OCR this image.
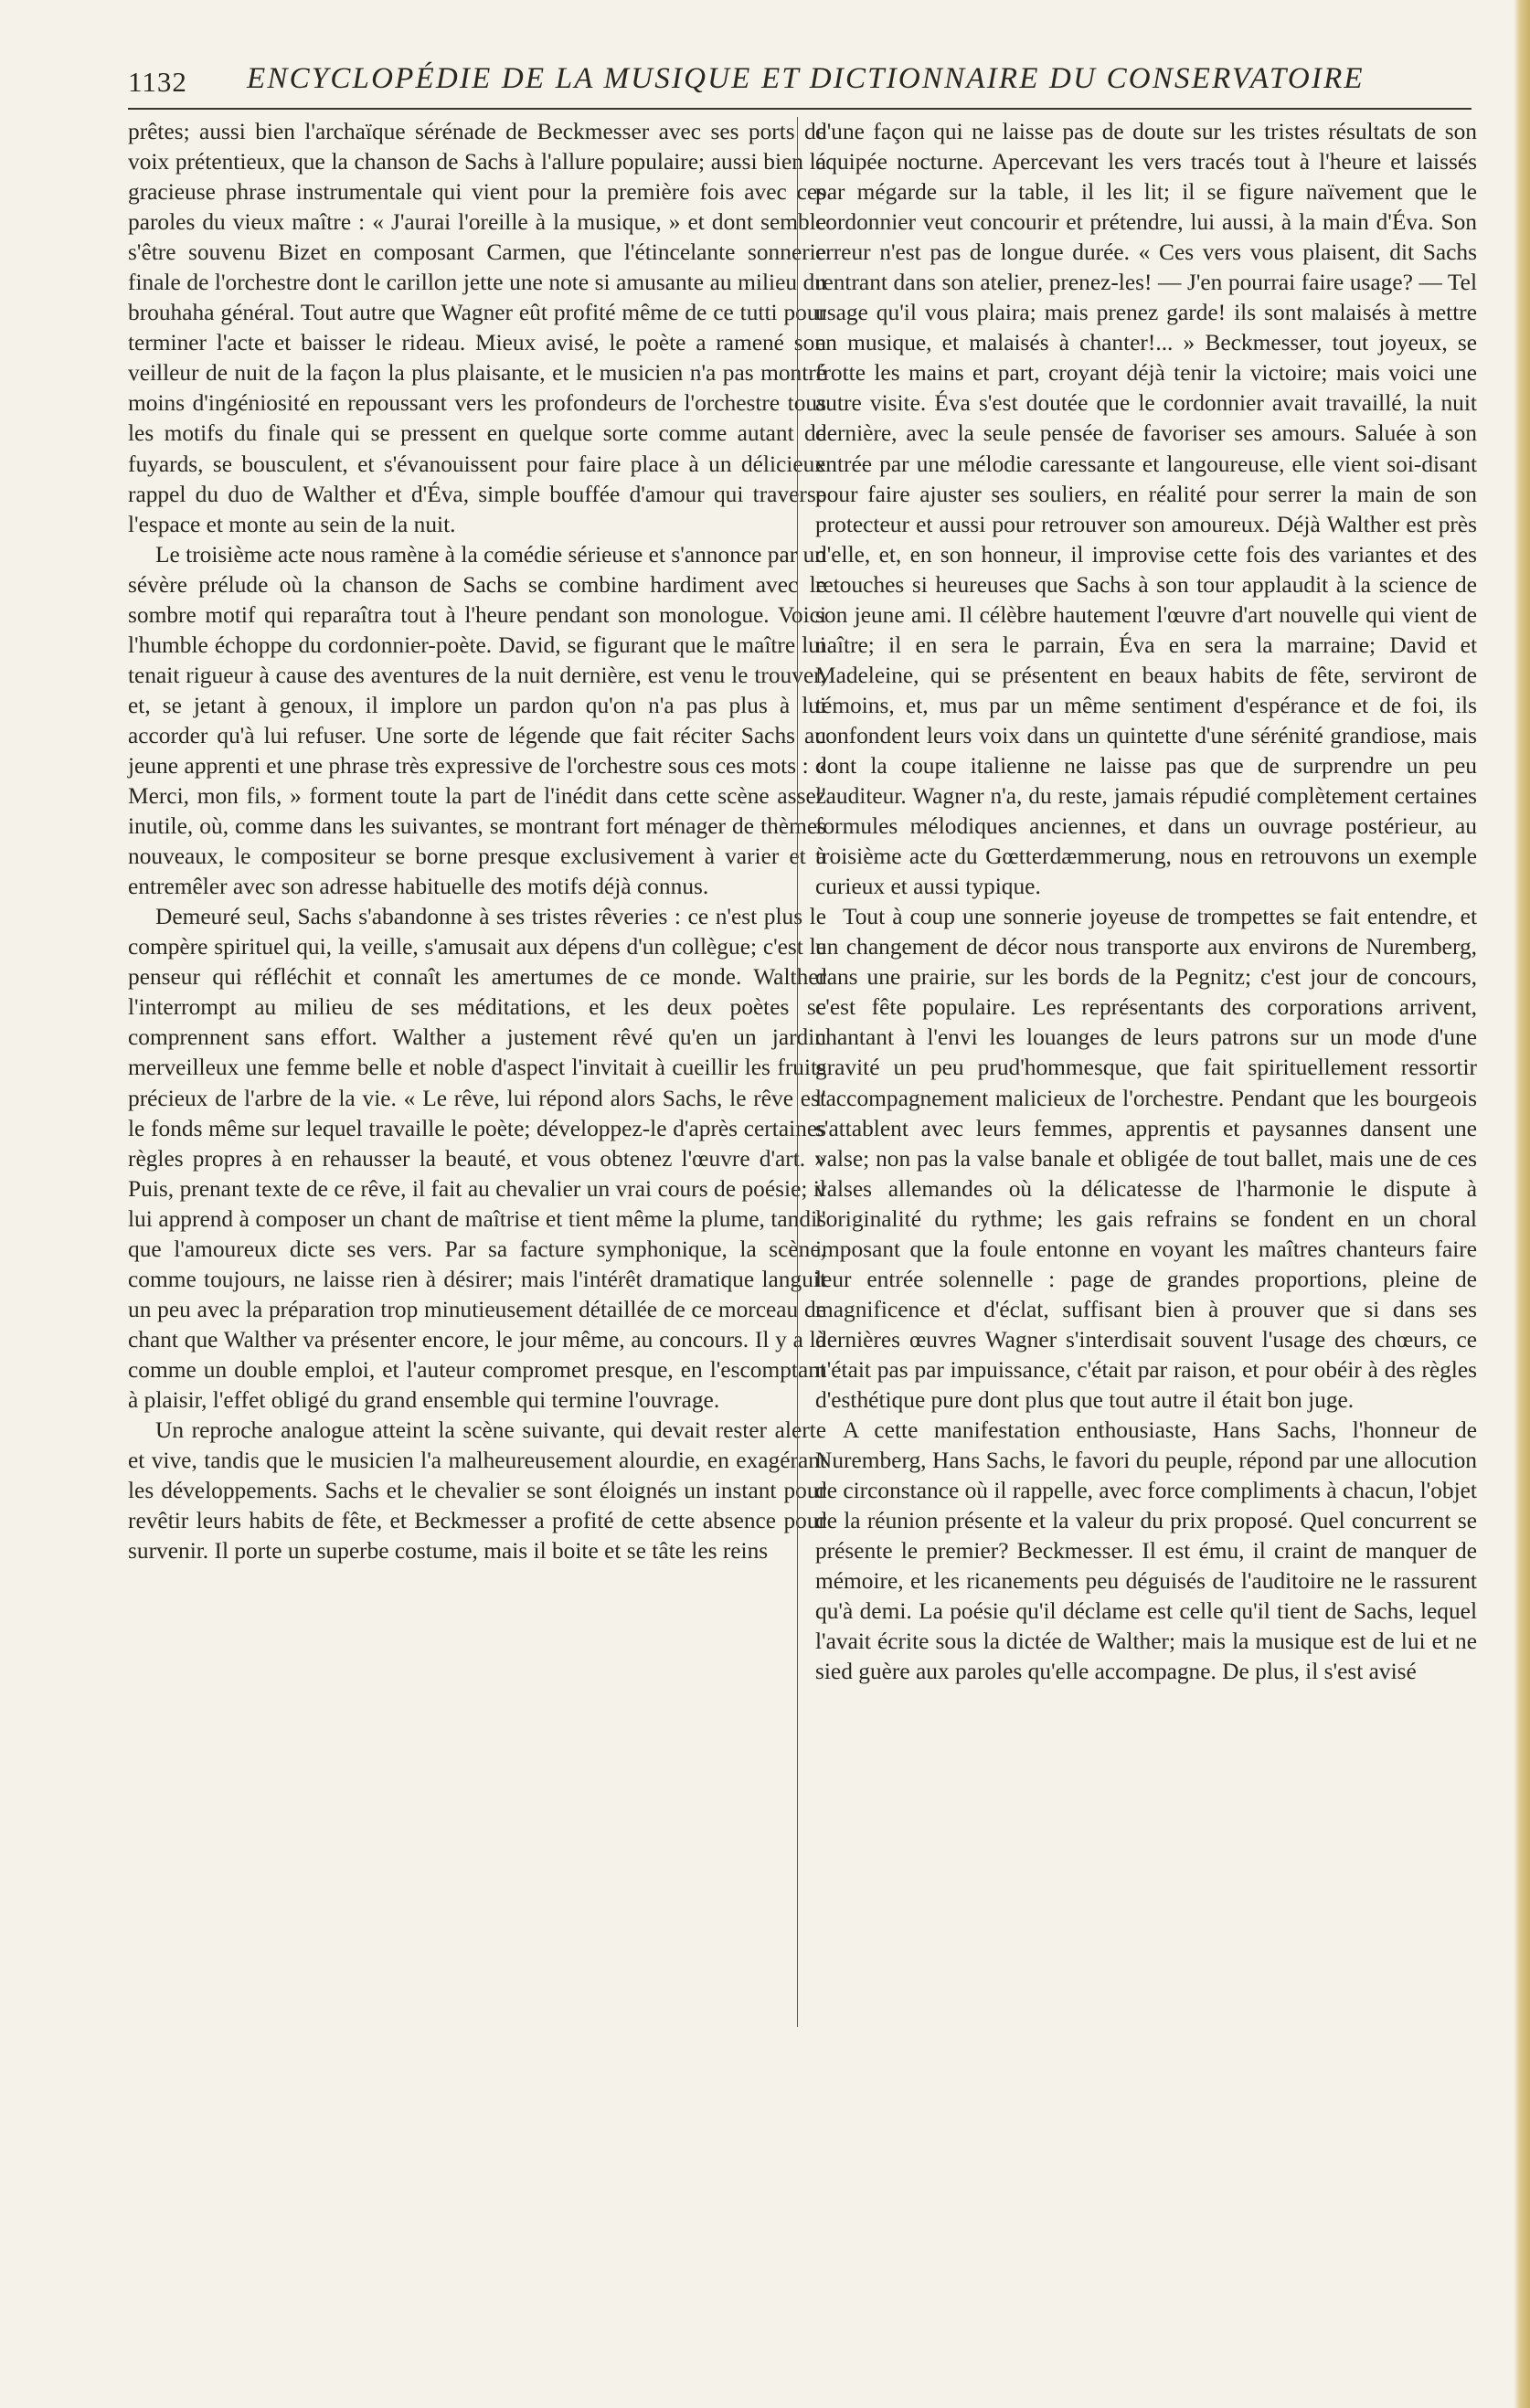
1132 ENCYCLOPÉDIE DE LA MUSIQUE ET DICTIONNAIRE DU CONSERVATOIRE

prêtes; aussi bien l'archaïque sérénade de Beckmesser avec ses ports de voix prétentieux, que la chanson de Sachs à l'allure populaire; aussi bien la gracieuse phrase instrumentale qui vient pour la première fois avec ces paroles du vieux maître : « J'aurai l'oreille à la musique, » et dont semble s'être souvenu Bizet en composant Carmen, que l'étincelante sonnerie finale de l'orchestre dont le carillon jette une note si amusante au milieu du brouhaha général. Tout autre que Wagner eût profité même de ce tutti pour terminer l'acte et baisser le rideau. Mieux avisé, le poète a ramené son veilleur de nuit de la façon la plus plaisante, et le musicien n'a pas montré moins d'ingéniosité en repoussant vers les profondeurs de l'orchestre tous les motifs du finale qui se pressent en quelque sorte comme autant de fuyards, se bousculent, et s'évanouissent pour faire place à un délicieux rappel du duo de Walther et d'Éva, simple bouffée d'amour qui traverse l'espace et monte au sein de la nuit.

Le troisième acte nous ramène à la comédie sérieuse et s'annonce par un sévère prélude où la chanson de Sachs se combine hardiment avec le sombre motif qui reparaîtra tout à l'heure pendant son monologue. Voici l'humble échoppe du cordonnier-poète. David, se figurant que le maître lui tenait rigueur à cause des aventures de la nuit dernière, est venu le trouver, et, se jetant à genoux, il implore un pardon qu'on n'a pas plus à lui accorder qu'à lui refuser. Une sorte de légende que fait réciter Sachs au jeune apprenti et une phrase très expressive de l'orchestre sous ces mots : « Merci, mon fils, » forment toute la part de l'inédit dans cette scène assez inutile, où, comme dans les suivantes, se montrant fort ménager de thèmes nouveaux, le compositeur se borne presque exclusivement à varier et à entremêler avec son adresse habituelle des motifs déjà connus.

Demeuré seul, Sachs s'abandonne à ses tristes rêveries : ce n'est plus le compère spirituel qui, la veille, s'amusait aux dépens d'un collègue; c'est le penseur qui réfléchit et connaît les amertumes de ce monde. Walther l'interrompt au milieu de ses méditations, et les deux poètes se comprennent sans effort. Walther a justement rêvé qu'en un jardin merveilleux une femme belle et noble d'aspect l'invitait à cueillir les fruits précieux de l'arbre de la vie. « Le rêve, lui répond alors Sachs, le rêve est le fonds même sur lequel travaille le poète; développez-le d'après certaines règles propres à en rehausser la beauté, et vous obtenez l'œuvre d'art. » Puis, prenant texte de ce rêve, il fait au chevalier un vrai cours de poésie; il lui apprend à composer un chant de maîtrise et tient même la plume, tandis que l'amoureux dicte ses vers. Par sa facture symphonique, la scène, comme toujours, ne laisse rien à désirer; mais l'intérêt dramatique languit un peu avec la préparation trop minutieusement détaillée de ce morceau de chant que Walther va présenter encore, le jour même, au concours. Il y a là comme un double emploi, et l'auteur compromet presque, en l'escomptant à plaisir, l'effet obligé du grand ensemble qui termine l'ouvrage.

Un reproche analogue atteint la scène suivante, qui devait rester alerte et vive, tandis que le musicien l'a malheureusement alourdie, en exagérant les développements. Sachs et le chevalier se sont éloignés un instant pour revêtir leurs habits de fête, et Beckmesser a profité de cette absence pour survenir. Il porte un superbe costume, mais il boite et se tâte les reins

d'une façon qui ne laisse pas de doute sur les tristes résultats de son équipée nocturne. Apercevant les vers tracés tout à l'heure et laissés par mégarde sur la table, il les lit; il se figure naïvement que le cordonnier veut concourir et prétendre, lui aussi, à la main d'Éva. Son erreur n'est pas de longue durée. « Ces vers vous plaisent, dit Sachs rentrant dans son atelier, prenez-les! — J'en pourrai faire usage? — Tel usage qu'il vous plaira; mais prenez garde! ils sont malaisés à mettre en musique, et malaisés à chanter!... » Beckmesser, tout joyeux, se frotte les mains et part, croyant déjà tenir la victoire; mais voici une autre visite. Éva s'est doutée que le cordonnier avait travaillé, la nuit dernière, avec la seule pensée de favoriser ses amours. Saluée à son entrée par une mélodie caressante et langoureuse, elle vient soi-disant pour faire ajuster ses souliers, en réalité pour serrer la main de son protecteur et aussi pour retrouver son amoureux. Déjà Walther est près d'elle, et, en son honneur, il improvise cette fois des variantes et des retouches si heureuses que Sachs à son tour applaudit à la science de son jeune ami. Il célèbre hautement l'œuvre d'art nouvelle qui vient de naître; il en sera le parrain, Éva en sera la marraine; David et Madeleine, qui se présentent en beaux habits de fête, serviront de témoins, et, mus par un même sentiment d'espérance et de foi, ils confondent leurs voix dans un quintette d'une sérénité grandiose, mais dont la coupe italienne ne laisse pas que de surprendre un peu l'auditeur. Wagner n'a, du reste, jamais répudié complètement certaines formules mélodiques anciennes, et dans un ouvrage postérieur, au troisième acte du Gœtterdæmmerung, nous en retrouvons un exemple curieux et aussi typique.

Tout à coup une sonnerie joyeuse de trompettes se fait entendre, et un changement de décor nous transporte aux environs de Nuremberg, dans une prairie, sur les bords de la Pegnitz; c'est jour de concours, c'est fête populaire. Les représentants des corporations arrivent, chantant à l'envi les louanges de leurs patrons sur un mode d'une gravité un peu prud'hommesque, que fait spirituellement ressortir l'accompagnement malicieux de l'orchestre. Pendant que les bourgeois s'attablent avec leurs femmes, apprentis et paysannes dansent une valse; non pas la valse banale et obligée de tout ballet, mais une de ces valses allemandes où la délicatesse de l'harmonie le dispute à l'originalité du rythme; les gais refrains se fondent en un choral imposant que la foule entonne en voyant les maîtres chanteurs faire leur entrée solennelle : page de grandes proportions, pleine de magnificence et d'éclat, suffisant bien à prouver que si dans ses dernières œuvres Wagner s'interdisait souvent l'usage des chœurs, ce n'était pas par impuissance, c'était par raison, et pour obéir à des règles d'esthétique pure dont plus que tout autre il était bon juge.

A cette manifestation enthousiaste, Hans Sachs, l'honneur de Nuremberg, Hans Sachs, le favori du peuple, répond par une allocution de circonstance où il rappelle, avec force compliments à chacun, l'objet de la réunion présente et la valeur du prix proposé. Quel concurrent se présente le premier? Beckmesser. Il est ému, il craint de manquer de mémoire, et les ricanements peu déguisés de l'auditoire ne le rassurent qu'à demi. La poésie qu'il déclame est celle qu'il tient de Sachs, lequel l'avait écrite sous la dictée de Walther; mais la musique est de lui et ne sied guère aux paroles qu'elle accompagne. De plus, il s'est avisé
